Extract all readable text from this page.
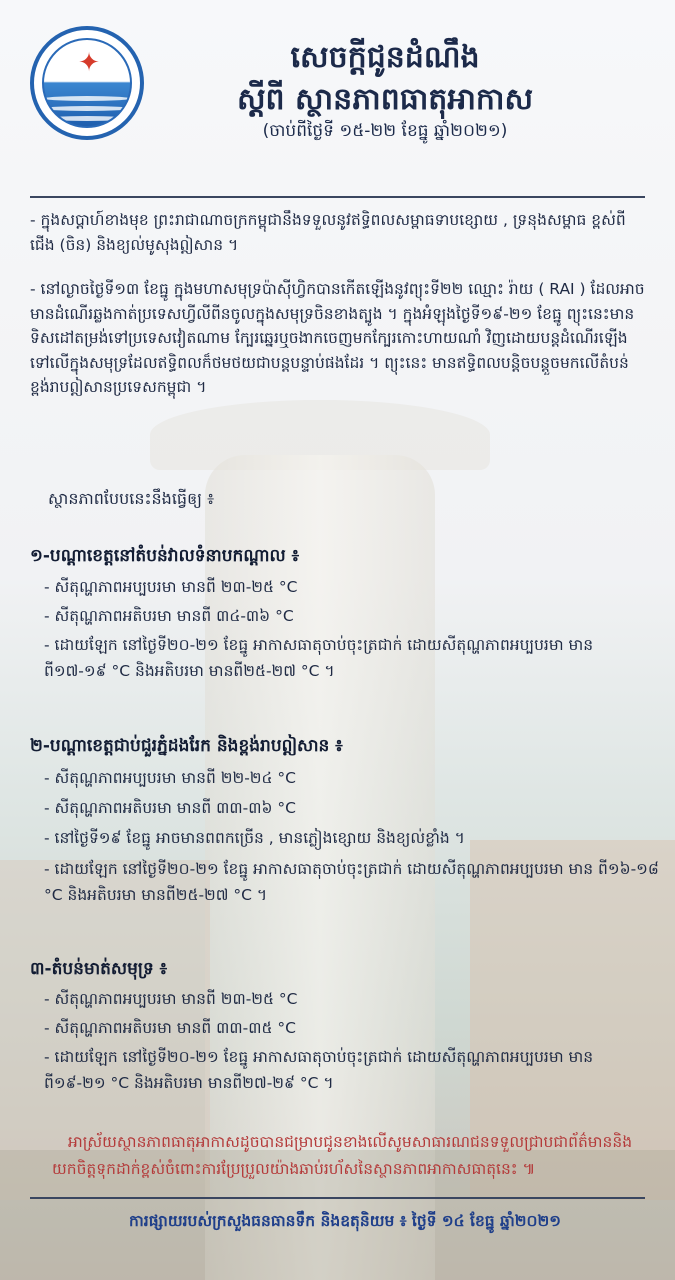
✦	សេចក្តីជូនដំណឹង
ស្តីពី ស្ថានភាពធាតុអាកាស
(ចាប់ពីថ្ងៃទី ១៥-២២ ខែធ្នូ ឆ្នាំ២០២១)
- ក្នុងសប្តាហ៍ខាងមុខ ព្រះរាជាណាចក្រកម្ពុជានឹងទទួលនូវឥទ្ធិពលសម្ពាធទាបខ្សោយ , ទ្រនុងសម្ពាធ ខ្ពស់ពីជើង (ចិន) និងខ្យល់មូសុងឦសាន ។
- នៅល្ងាចថ្ងៃទី១៣ ខែធ្នូ ក្នុងមហាសមុទ្រប៉ាស៊ីហ្វិកបានកើតឡើងនូវព្យុះទី២២ ឈ្មោះ រ៉ាយ ( RAI ) ដែលអាចមានដំណើរឆ្លងកាត់ប្រទេសហ្វីលីពីនចូលក្នុងសមុទ្រចិនខាងត្បូង ។ ក្នុងអំឡុងថ្ងៃទី១៩-២១ ខែធ្នូ ព្យុះនេះមានទិសដៅតម្រង់ទៅប្រទេសវៀតណាម ក្បែរឆ្នេរឬចងាកចេញមកក្បែរកោះហាយណាំ វិញដោយបន្តដំណើរឡើងទៅលើក្នុងសមុទ្រដែលឥទ្ធិពលក៏ថមថយជាបន្តបន្ទាប់ផងដែរ ។ ព្យុះនេះ មានឥទ្ធិពលបន្តិចបន្តួចមកលើតំបន់ខ្ពង់រាបឦសានប្រទេសកម្ពុជា ។
ស្ថានភាពបែបនេះនឹងធ្វើឲ្យ ៖
១-បណ្តាខេត្តនៅតំបន់វាលទំនាបកណ្តាល ៖
- សីតុណ្ហភាពអប្បបរមា មានពី ២៣-២៥ °C
- សីតុណ្ហភាពអតិបរមា មានពី ៣៤-៣៦ °C
- ដោយឡែក នៅថ្ងៃទី២០-២១ ខែធ្នូ អាកាសធាតុចាប់ចុះត្រជាក់ ដោយសីតុណ្ហភាពអប្បបរមា មាន ពី១៧-១៩ °C និងអតិបរមា មានពី២៥-២៧ °C ។
២-បណ្តាខេត្តជាប់ជួរភ្នំដងរែក និងខ្ពង់រាបឦសាន ៖
- សីតុណ្ហភាពអប្បបរមា មានពី ២២-២៤ °C
- សីតុណ្ហភាពអតិបរមា មានពី ៣៣-៣៦ °C
- នៅថ្ងៃទី១៩ ខែធ្នូ អាចមានពពកច្រើន , មានភ្លៀងខ្សោយ និងខ្យល់ខ្លាំង ។
- ដោយឡែក នៅថ្ងៃទី២០-២១ ខែធ្នូ អាកាសធាតុចាប់ចុះត្រជាក់ ដោយសីតុណ្ហភាពអប្បបរមា មាន ពី១៦-១៨ °C និងអតិបរមា មានពី២៥-២៧ °C ។
៣-តំបន់មាត់សមុទ្រ ៖
- សីតុណ្ហភាពអប្បបរមា មានពី ២៣-២៥ °C
- សីតុណ្ហភាពអតិបរមា មានពី ៣៣-៣៥ °C
- ដោយឡែក នៅថ្ងៃទី២០-២១ ខែធ្នូ អាកាសធាតុចាប់ចុះត្រជាក់ ដោយសីតុណ្ហភាពអប្បបរមា មាន ពី១៩-២១ °C និងអតិបរមា មានពី២៧-២៩ °C ។
អាស្រ័យស្ថានភាពធាតុអាកាសដូចបានជម្រាបជូនខាងលើសូមសាធារណជនទទួលជ្រាបជាព័ត៌មាននិង យកចិត្តទុកដាក់ខ្ពស់ចំពោះការប្រែប្រួលយ៉ាងឆាប់រហ័សនៃស្ថានភាពអាកាសធាតុនេះ ៕
ការផ្សាយរបស់ក្រសួងធនធានទឹក និងឧតុនិយម ៖ ថ្ងៃទី ១៤ ខែធ្នូ ឆ្នាំ២០២១
